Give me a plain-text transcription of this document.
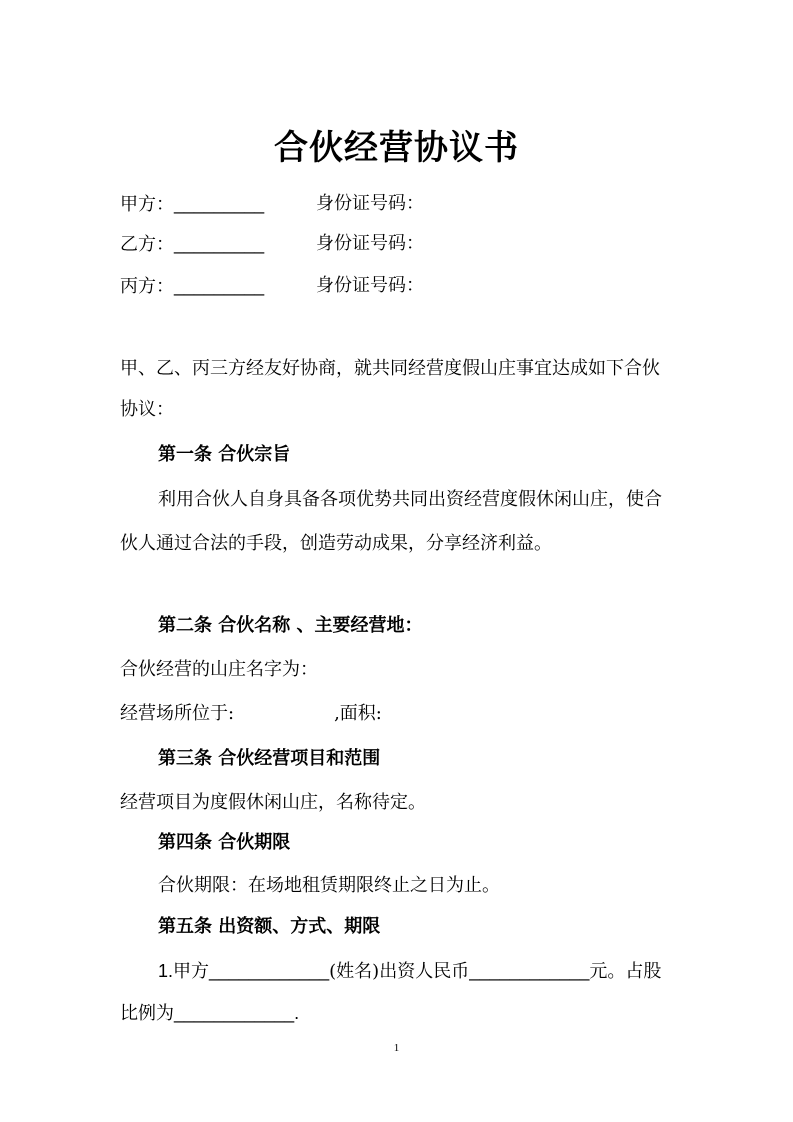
合伙经营协议书
甲方：_________	身份证号码：
乙方：_________	身份证号码：
丙方：_________	身份证号码：
甲、乙、丙三方经友好协商，就共同经营度假山庄事宜达成如下合伙
协议：
第一条 合伙宗旨
利用合伙人自身具备各项优势共同出资经营度假休闲山庄，使合
伙人通过合法的手段，创造劳动成果，分享经济利益。
第二条 合伙名称 、主要经营地：
合伙经营的山庄名字为：
经营场所位于:	,面积:
第三条 合伙经营项目和范围
经营项目为度假休闲山庄，名称待定。
第四条 合伙期限
合伙期限：在场地租赁期限终止之日为止。
第五条 出资额、方式、期限
1.甲方____________(姓名)出资人民币____________元。占股
比例为____________.
1
